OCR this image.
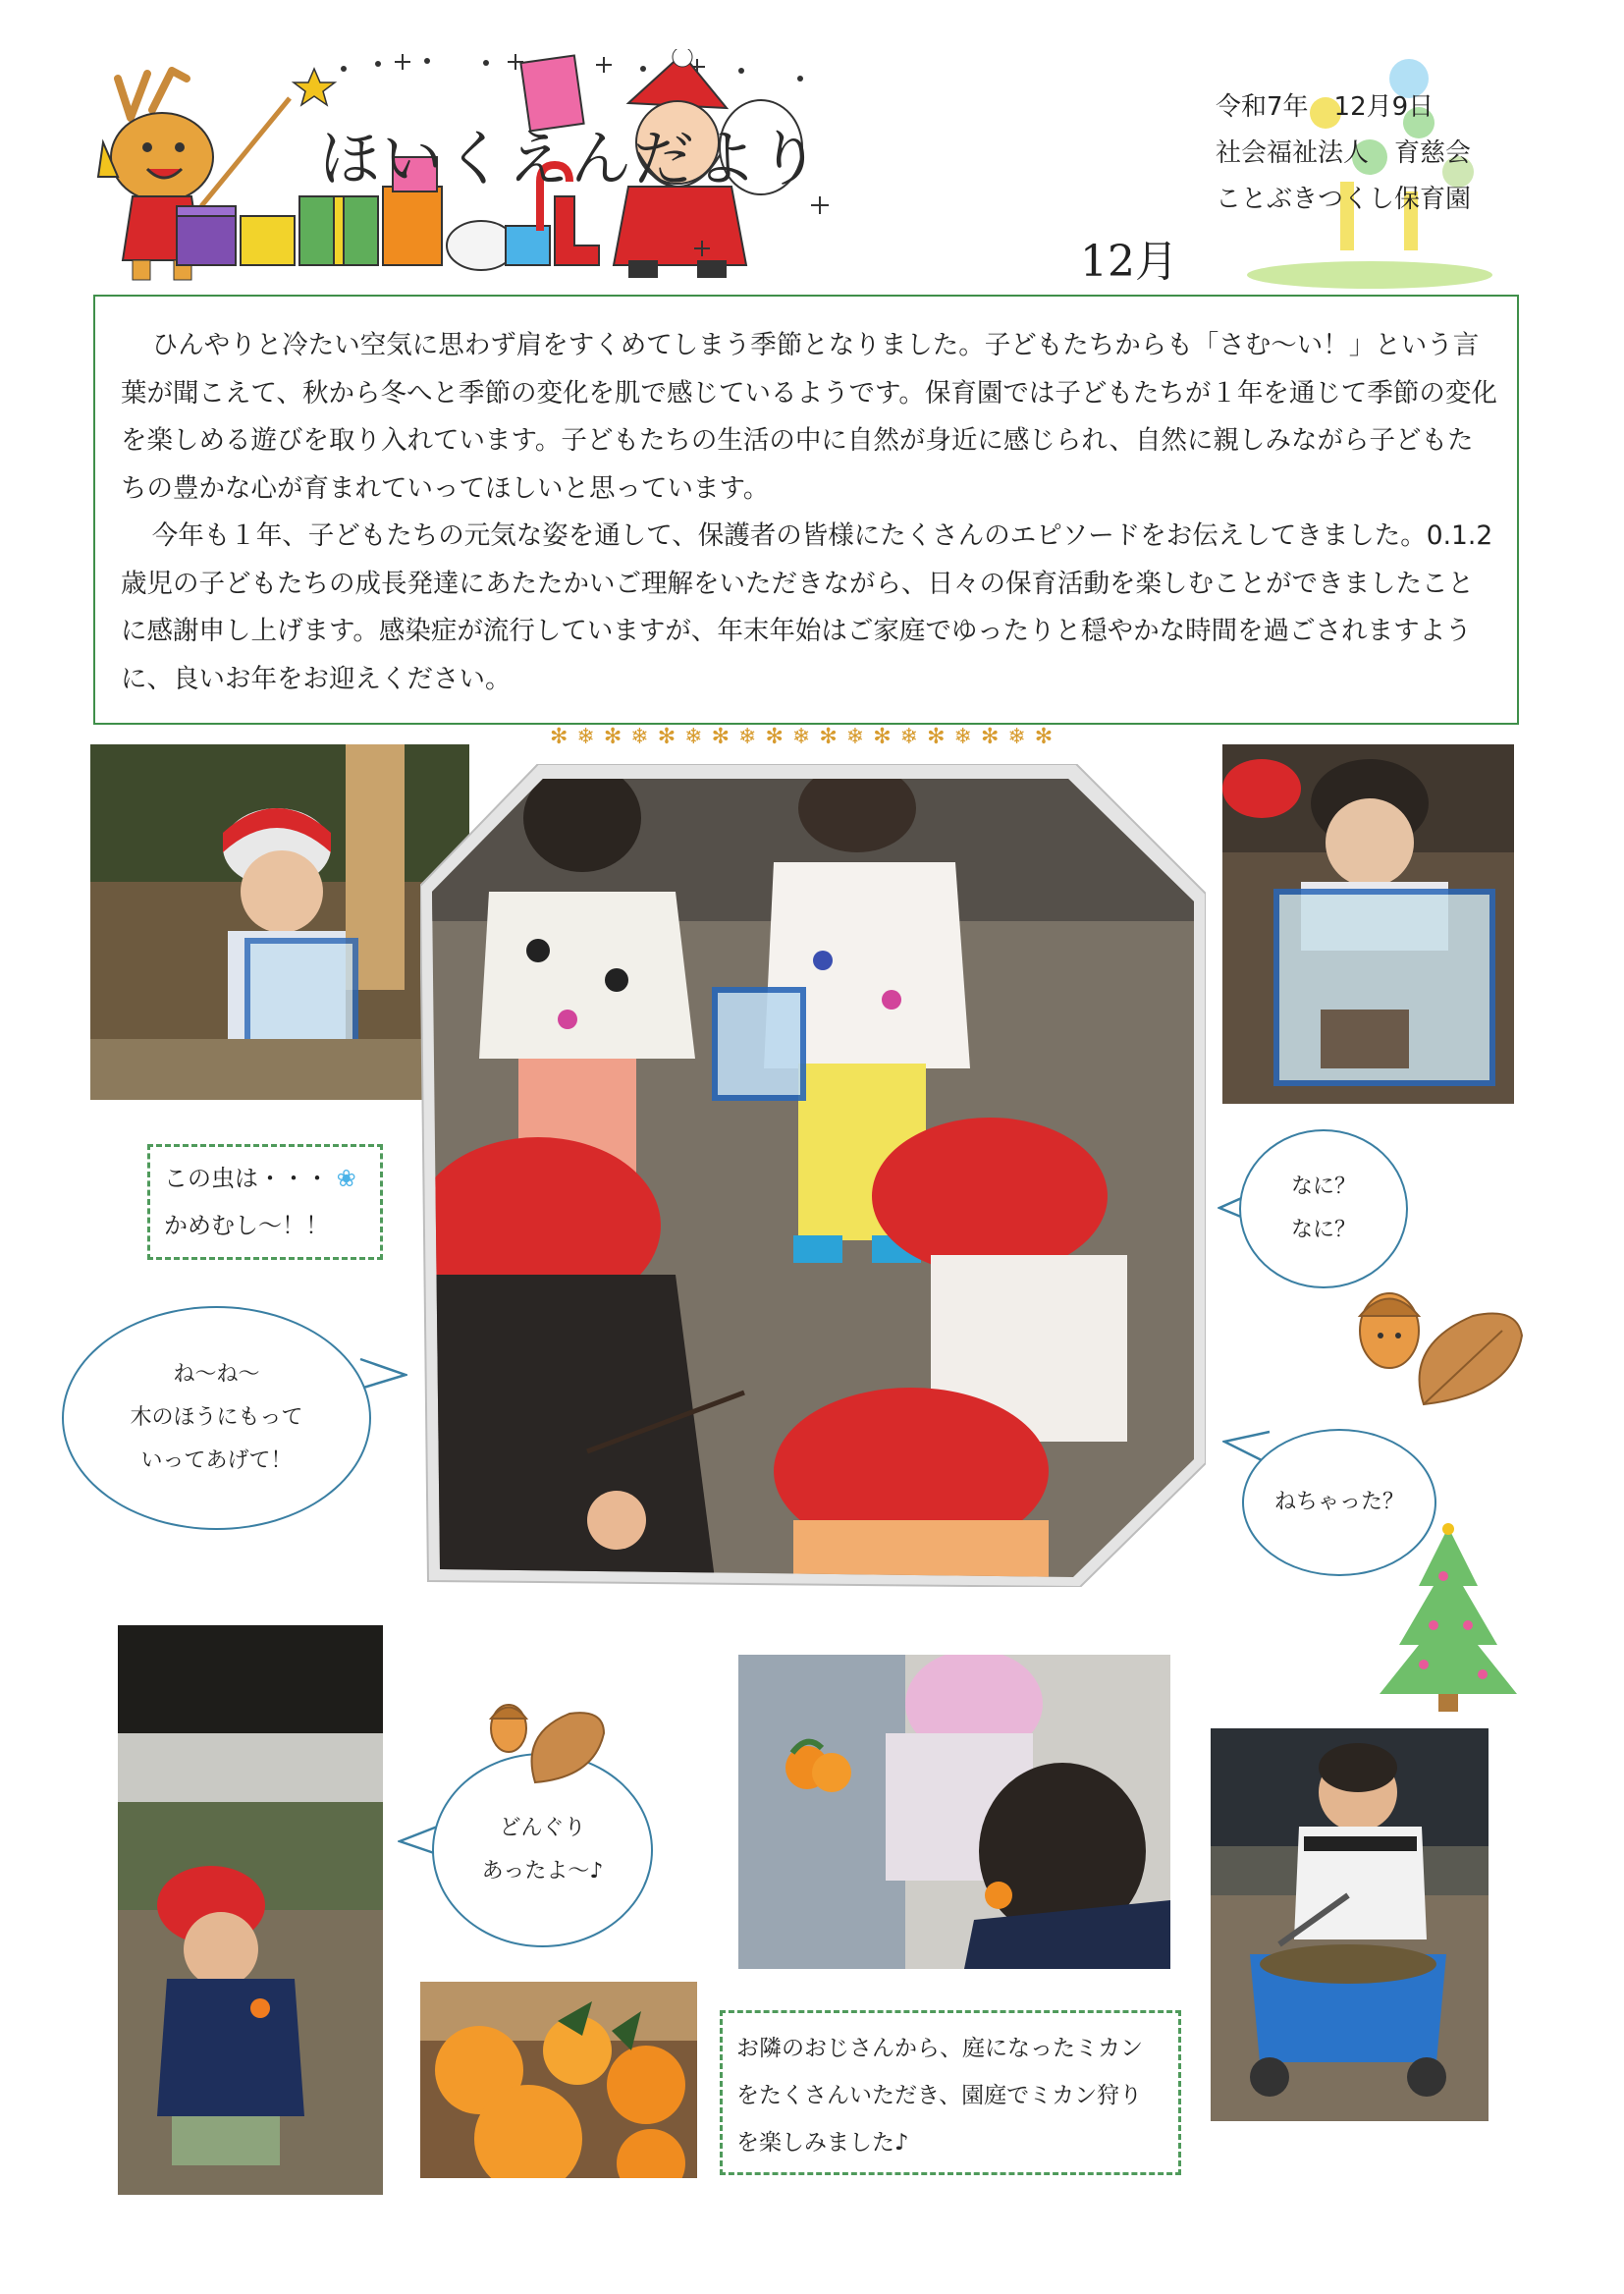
ほいくえんだより
12月
令和7年　12月9日
社会福祉法人　育慈会
ことぶきつくし保育園

ひんやりと冷たい空気に思わず肩をすくめてしまう季節となりました。子どもたちからも「さむ～い！」という言葉が聞こえて、秋から冬へと季節の変化を肌で感じているようです。保育園では子どもたちが１年を通じて季節の変化を楽しめる遊びを取り入れています。子どもたちの生活の中に自然が身近に感じられ、自然に親しみながら子どもたちの豊かな心が育まれていってほしいと思っています。

今年も１年、子どもたちの元気な姿を通して、保護者の皆様にたくさんのエピソードをお伝えしてきました。0.1.2 歳児の子どもたちの成長発達にあたたかいご理解をいただきながら、日々の保育活動を楽しむことができましたことに感謝申し上げます。感染症が流行していますが、年末年始はご家庭でゆったりと穏やかな時間を過ごされますように、良いお年をお迎えください。

✻❄✻❄✻❄✻❄✻❄✻❄✻❄✻❄✻❄✻
この虫は・・・ ❀
かめむし～！！
お隣のおじさんから、庭になったミカンをたくさんいただき、園庭でミカン狩りを楽しみました♪
なに？
なに？
ね～ね～
木のほうにもって
いってあげて！
ねちゃった？
どんぐり
あったよ～♪
